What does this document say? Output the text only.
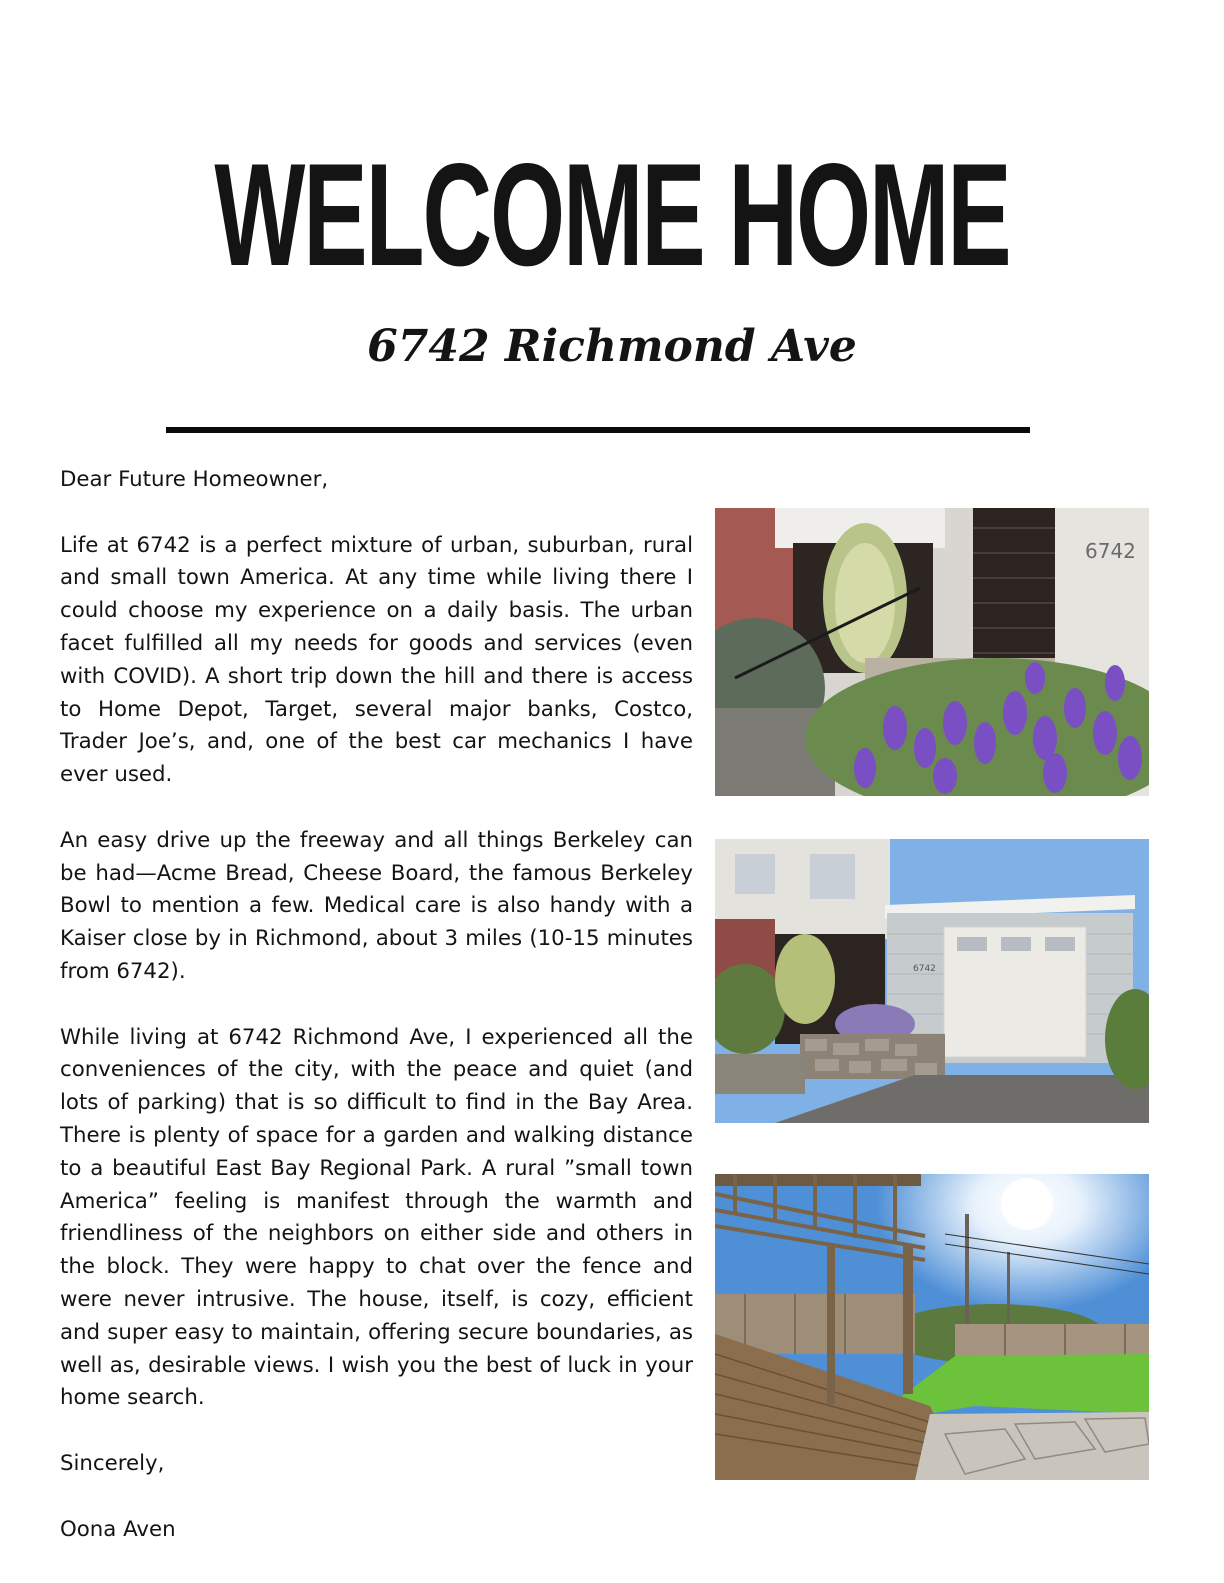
WELCOME HOME
6742 Richmond Ave

Dear Future Homeowner,

Life at 6742 is a perfect mixture of urban, suburban, rural and small town America. At any time while living there I could choose my experience on a daily basis. The urban facet fulfilled all my needs for goods and services (even with COVID). A short trip down the hill and there is access to Home Depot, Target, several major banks, Costco, Trader Joe’s, and, one of the best car mechanics I have ever used.

An easy drive up the freeway and all things Berkeley can be had—Acme Bread, Cheese Board, the famous Berkeley Bowl to mention a few. Medical care is also handy with a Kaiser close by in Richmond, about 3 miles (10-15 minutes from 6742).

While living at 6742 Richmond Ave, I experienced all the conveniences of the city, with the peace and quiet (and lots of parking) that is so difficult to find in the Bay Area. There is plenty of space for a garden and walking distance to a beautiful East Bay Regional Park. A rural ”small town America” feeling is manifest through the warmth and friendliness of the neighbors on either side and others in the block. They were happy to chat over the fence and were never intrusive. The house, itself, is cozy, efficient and super easy to maintain, offering secure boundaries, as well as, desirable views. I wish you the best of luck in your home search.

Sincerely,

Oona Aven

6742
6742
